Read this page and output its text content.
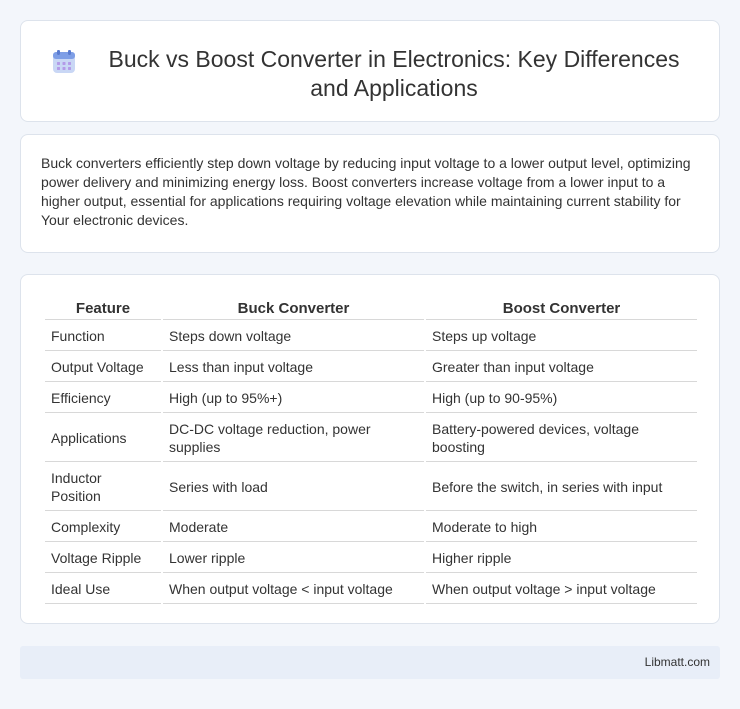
Buck vs Boost Converter in Electronics: Key Differences and Applications

Buck converters efficiently step down voltage by reducing input voltage to a lower output level, optimizing power delivery and minimizing energy loss. Boost converters increase voltage from a lower input to a higher output, essential for applications requiring voltage elevation while maintaining current stability for Your electronic devices.

Feature	Buck Converter	Boost Converter
Function	Steps down voltage	Steps up voltage
Output Voltage	Less than input voltage	Greater than input voltage
Efficiency	High (up to 95%+)	High (up to 90-95%)
Applications	DC-DC voltage reduction, power supplies	Battery-powered devices, voltage boosting
Inductor Position	Series with load	Before the switch, in series with input
Complexity	Moderate	Moderate to high
Voltage Ripple	Lower ripple	Higher ripple
Ideal Use	When output voltage < input voltage	When output voltage > input voltage
Libmatt.com
